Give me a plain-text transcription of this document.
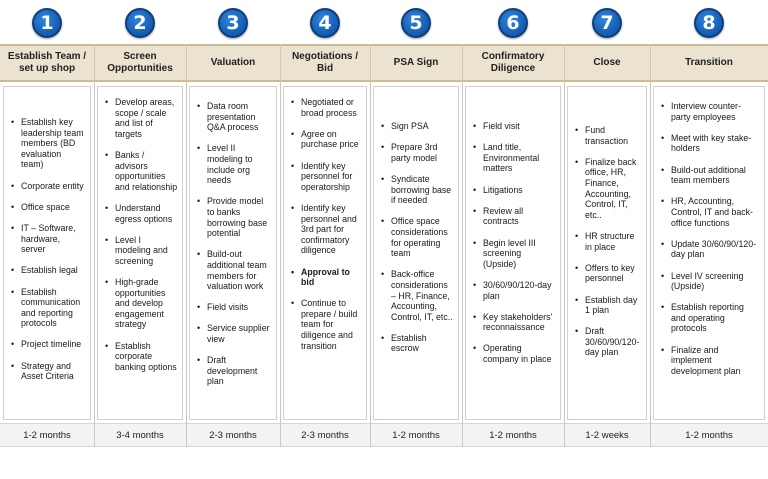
1
Establish Team / set up shop
• Establish key leadership team members (BD evaluation team)
• Corporate entity
• Office space
• IT – Software, hardware, server
• Establish legal
• Establish communication and reporting protocols
• Project timeline
• Strategy and Asset Criteria
1-2 months
2
Screen Opportunities
• Develop areas, scope / scale and list of targets
• Banks / advisors opportunities and relationship
• Understand egress options
• Level I modeling and screening
• High-grade opportunities and develop engagement strategy
• Establish corporate banking options
3-4 months
3
Valuation
• Data room presentation Q&A process
• Level II modeling to include org needs
• Provide model to banks borrowing base potential
• Build-out additional team members for valuation work
• Field visits
• Service supplier view
• Draft development plan
2-3 months
4
Negotiations / Bid
• Negotiated or broad process
• Agree on purchase price
• Identify key personnel for operatorship
• Identify key personnel and 3rd part for confirmatory diligence
• Approval to bid
• Continue to prepare / build team for diligence and transition
2-3 months
5
PSA Sign
• Sign PSA
• Prepare 3rd party model
• Syndicate borrowing base if needed
• Office space considerations for operating team
• Back-office considerations – HR, Finance, Accounting, Control, IT, etc..
• Establish escrow
1-2 months
6
Confirmatory Diligence
• Field visit
• Land title, Environmental matters
• Litigations
• Review all contracts
• Begin level III screening (Upside)
• 30/60/90/120-day plan
• Key stakeholders' reconnaissance
• Operating company in place
1-2 months
7
Close
• Fund transaction
• Finalize back office, HR, Finance, Accounting, Control, IT, etc..
• HR structure in place
• Offers to key personnel
• Establish day 1 plan
• Draft 30/60/90/120-day plan
1-2 weeks
8
Transition
• Interview counter-party employees
• Meet with key stake-holders
• Build-out additional team members
• HR, Accounting, Control, IT and back-office functions
• Update 30/60/90/120-day plan
• Level IV screening (Upside)
• Establish reporting and operating protocols
• Finalize and implement development plan
1-2 months
